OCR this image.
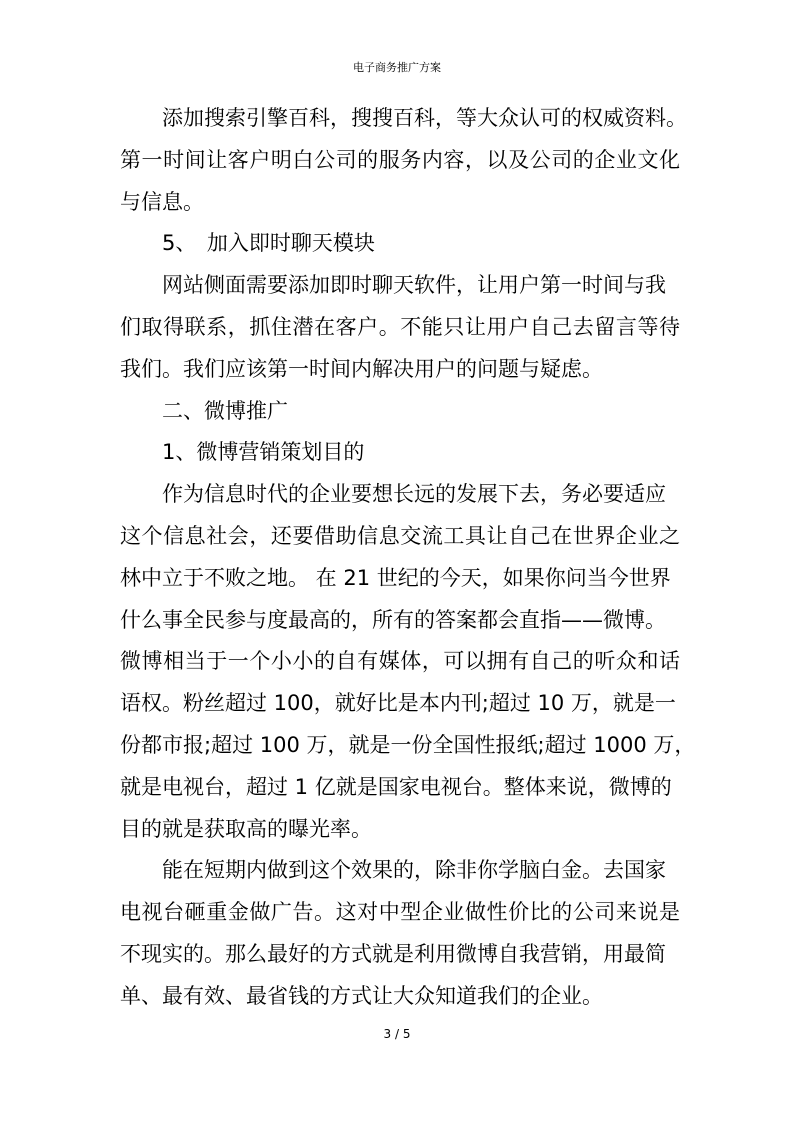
电子商务推广方案
添加搜索引擎百科，搜搜百科，等大众认可的权威资料。
第一时间让客户明白公司的服务内容，以及公司的企业文化
与信息。
5、　加入即时聊天模块
网站侧面需要添加即时聊天软件，让用户第一时间与我
们取得联系，抓住潜在客户。不能只让用户自己去留言等待
我们。我们应该第一时间内解决用户的问题与疑虑。
二、微博推广
1、微博营销策划目的
作为信息时代的企业要想长远的发展下去，务必要适应
这个信息社会，还要借助信息交流工具让自己在世界企业之
林中立于不败之地。 在 21 世纪的今天，如果你问当今世界
什么事全民参与度最高的，所有的答案都会直指——微博。
微博相当于一个小小的自有媒体，可以拥有自己的听众和话
语权。粉丝超过 100，就好比是本内刊;超过 10 万，就是一
份都市报;超过 100 万，就是一份全国性报纸;超过 1000 万，
就是电视台，超过 1 亿就是国家电视台。整体来说，微博的
目的就是获取高的曝光率。
能在短期内做到这个效果的，除非你学脑白金。去国家
电视台砸重金做广告。这对中型企业做性价比的公司来说是
不现实的。那么最好的方式就是利用微博自我营销，用最简
单、最有效、最省钱的方式让大众知道我们的企业。
3 / 5
